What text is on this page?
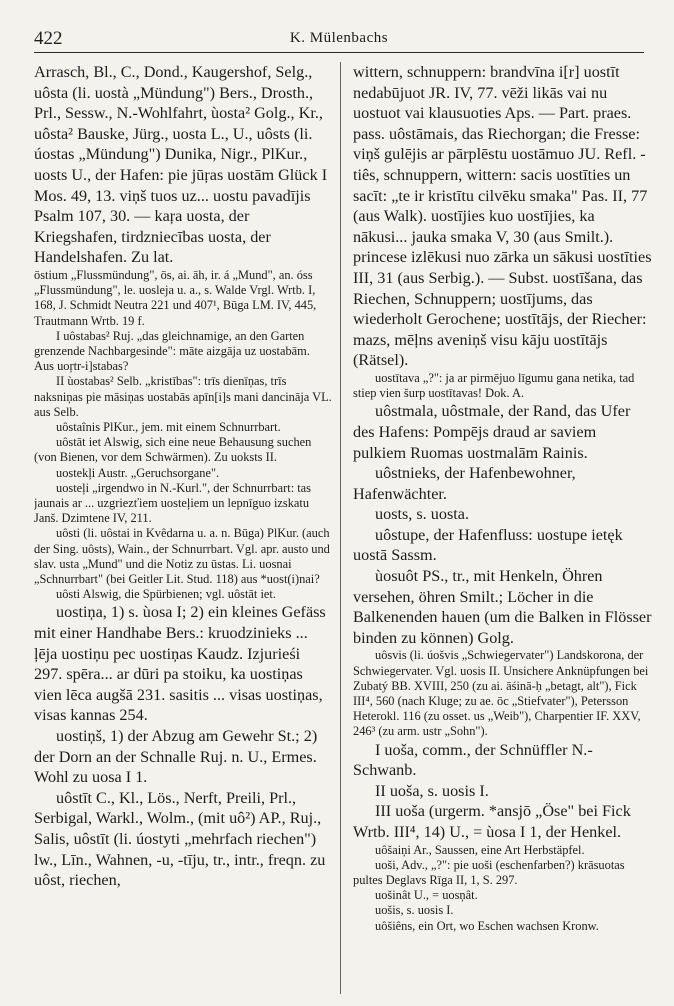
422	K. Mülenbachs

Arrasch, Bl., C., Dond., Kaugershof, Selg., uôsta (li. uostà „Mündung") Bers., Drosth., Prl., Sessw., N.-Wohlfahrt, ùosta² Golg., Kr., uôsta² Bauske, Jürg., uosta L., U., uôsts (li. úostas „Mündung") Dunika, Nigr., PlKur., uosts U., der Hafen: pie jūŗas uostām Glück I Mos. 49, 13. viņš tuos uz... uostu pavadījis Psalm 107, 30. — kaŗa uosta, der Kriegshafen, tirdzniecības uosta, der Handelshafen. Zu lat.

ōstium „Flussmündung", ōs, ai. āh, ir. á „Mund", an. óss „Flussmündung", le. uosleja u. a., s. Walde Vrgl. Wrtb. I, 168, J. Schmidt Neutra 221 und 407¹, Būga LM. IV, 445, Trautmann Wrtb. 19 f.

I uôstabas² Ruj. „das gleichnamige, an den Garten grenzende Nachbargesinde": māte aizgāja uz uostabām. Aus uoŗtr-i]stabas?

II ùostabas² Selb. „kristības": trīs dienīņas, trīs naksniņas pie māsiņas uostabās apīn[i]s mani dancināja VL. aus Selb.

uôstaînis PlKur., jem. mit einem Schnurrbart.

uôstāt iet Alswig, sich eine neue Behausung suchen (von Bienen, vor dem Schwärmen). Zu uoksts II.

uostekļi Austr. „Geruchsorgane".

uosteļi „irgendwo in N.-Kurl.", der Schnurrbart: tas jaunais ar ... uzgriezťiem uosteļiem un lepnīguo izskatu Janš. Dzimtene IV, 211.

uôsti (li. uôstai in Kvêdarna u. a. n. Būga) PlKur. (auch der Sing. uôsts), Wain., der Schnurrbart. Vgl. apr. austo und slav. usta „Mund" und die Notiz zu ūstas. Li. uosnai „Schnurrbart" (bei Geitler Lit. Stud. 118) aus *uost(i)nai?

uôsti Alswig, die Spürbienen; vgl. uôstāt iet.

uostiņa, 1) s. ùosa I; 2) ein kleines Gefäss mit einer Handhabe Bers.: kruodzinieks ... ļēja uostiņu pec uostiņas Kaudz. Izjurieśi 297. spēra... ar dūri pa stoiku, ka uostiņas vien lēca augšā 231. sasitis ... visas uostiņas, visas kannas 254.

uostiņš, 1) der Abzug am Gewehr St.; 2) der Dorn an der Schnalle Ruj. n. U., Ermes. Wohl zu uosa I 1.

uôstīt C., Kl., Lös., Nerft, Preili, Prl., Serbigal, Warkl., Wolm., (mit uô²) AP., Ruj., Salis, uôstīt (li. úostyti „mehrfach riechen") lw., Līn., Wahnen, -u, -tīju, tr., intr., freqn. zu uôst, riechen,

wittern, schnuppern: brandvīna i[r] uostīt nedabūjuot JR. IV, 77. vēži likās vai nu uostuot vai klausuoties Aps. — Part. praes. pass. uôstāmais, das Riechorgan; die Fresse: viņš gulējis ar pārplēstu uostāmuo JU. Refl. -tiês, schnuppern, wittern: sacis uostīties un sacīt: „te ir kristītu cilvēku smaka" Pas. II, 77 (aus Walk). uostījies kuo uostījies, ka nākusi... jauka smaka V, 30 (aus Smilt.). princese izlēkusi nuo zārka un sākusi uostīties III, 31 (aus Serbig.). — Subst. uostīšana, das Riechen, Schnuppern; uostījums, das wiederholt Gerochene; uostītājs, der Riecher: mazs, mēļns aveniņš visu kāju uostītājs (Rätsel).

uostītava „?": ja ar pirmējuo līgumu gana netika, tad stiep vien šurp uostītavas! Dok. A.

uôstmala, uôstmale, der Rand, das Ufer des Hafens: Pompējs draud ar saviem pulkiem Ruomas uostmalām Rainis.

uôstnieks, der Hafenbewohner, Hafenwächter.

uosts, s. uosta.

uôstupe, der Hafenfluss: uostupe ietęk uostā Sassm.

ùosuôt PS., tr., mit Henkeln, Öhren versehen, öhren Smilt.; Löcher in die Balkenenden hauen (um die Balken in Flösser binden zu können) Golg.

uôsvis (li. úošvis „Schwiegervater") Landskorona, der Schwiegervater. Vgl. uosis II. Unsichere Anknüpfungen bei Zubatý BB. XVIII, 250 (zu ai. āśinā-ḥ „betagt, alt"), Fick III⁴, 560 (nach Kluge; zu ae. ōc „Stiefvater"), Petersson Heterokl. 116 (zu osset. us „Weib"), Charpentier IF. XXV, 246³ (zu arm. ustr „Sohn").

I uoša, comm., der Schnüffler N.-Schwanb.

II uoša, s. uosis I.

III uoša (urgerm. *ansjō „Öse" bei Fick Wrtb. III⁴, 14) U., = ùosa I 1, der Henkel.

uôšaiņi Ar., Saussen, eine Art Herbstäpfel.

uoši, Adv., „?": pie uoši (eschenfarben?) krāsuotas pultes Deglavs Rīga II, 1, S. 297.

uošinât U., = uosņât.

uošis, s. uosis I.

uôšiêns, ein Ort, wo Eschen wachsen Kronw.
